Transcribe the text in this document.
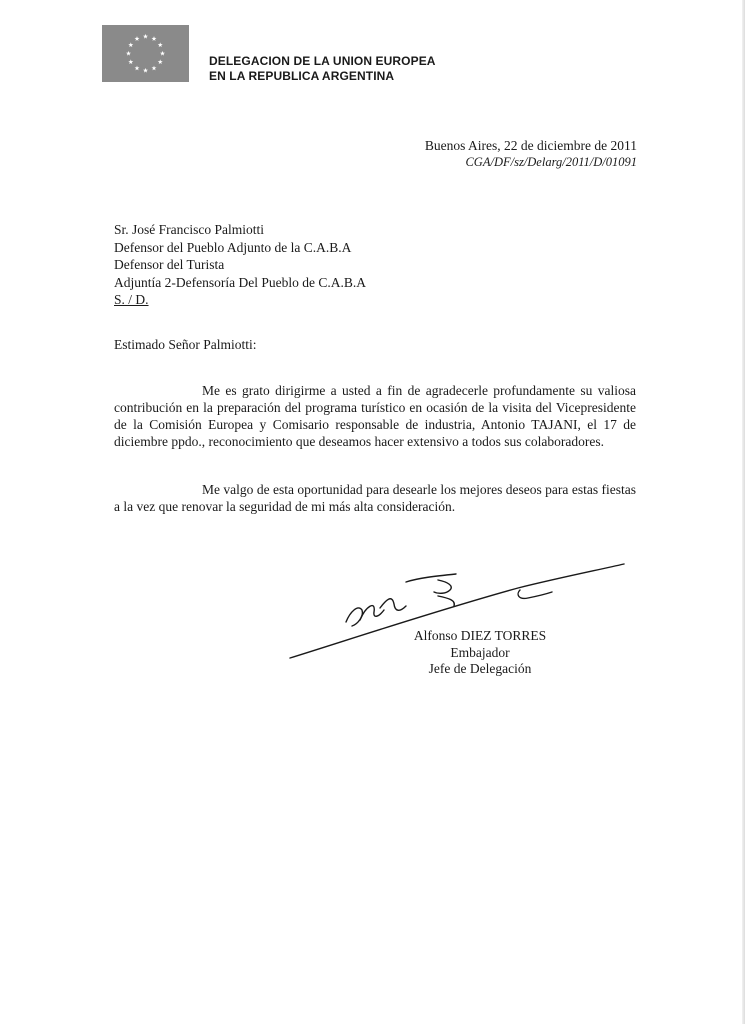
DELEGACION DE LA UNION EUROPEA
EN LA REPUBLICA ARGENTINA
Buenos Aires, 22 de diciembre de 2011
CGA/DF/sz/Delarg/2011/D/01091
Sr. José Francisco Palmiotti
Defensor del Pueblo Adjunto de la C.A.B.A
Defensor del Turista
Adjuntía 2-Defensoría Del Pueblo de C.A.B.A
S. / D.
Estimado Señor Palmiotti:

Me es grato dirigirme a usted a fin de agradecerle profundamente su valiosa contribución en la preparación del programa turístico en ocasión de la visita del Vicepresidente de la Comisión Europea y Comisario responsable de industria, Antonio TAJANI, el 17 de diciembre ppdo., reconocimiento que deseamos hacer extensivo a todos sus colaboradores.

Me valgo de esta oportunidad para desearle los mejores deseos para estas fiestas a la vez que renovar la seguridad de mi más alta consideración.

Alfonso DIEZ TORRES
Embajador
Jefe de Delegación
